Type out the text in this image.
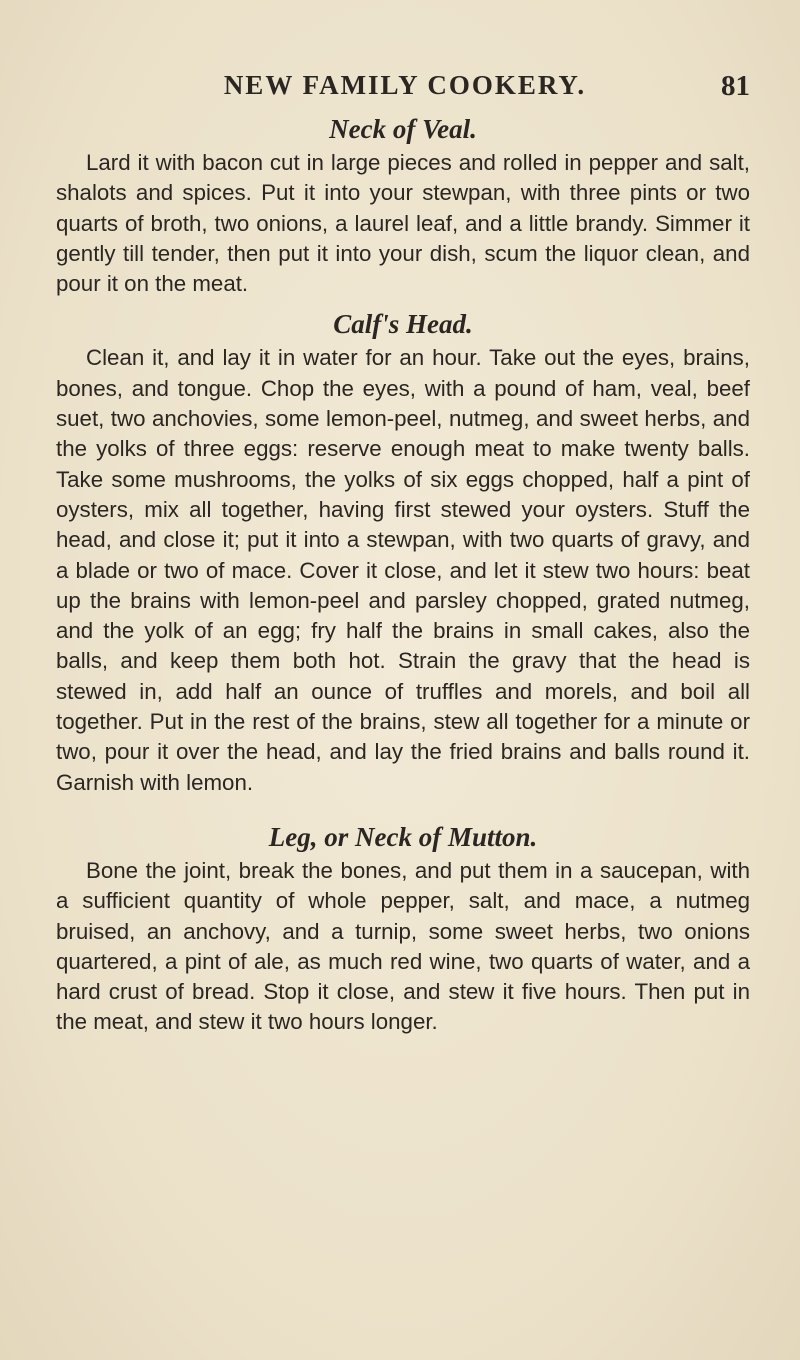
NEW FAMILY COOKERY.	81
Neck of Veal.

Lard it with bacon cut in large pieces and rolled in pepper and salt, shalots and spices. Put it into your stewpan, with three pints or two quarts of broth, two onions, a laurel leaf, and a little brandy. Simmer it gently till tender, then put it into your dish, scum the liquor clean, and pour it on the meat.

Calf's Head.

Clean it, and lay it in water for an hour. Take out the eyes, brains, bones, and tongue. Chop the eyes, with a pound of ham, veal, beef suet, two anchovies, some lemon-peel, nutmeg, and sweet herbs, and the yolks of three eggs: reserve enough meat to make twenty balls. Take some mushrooms, the yolks of six eggs chopped, half a pint of oysters, mix all together, having first stewed your oysters. Stuff the head, and close it; put it into a stewpan, with two quarts of gravy, and a blade or two of mace. Cover it close, and let it stew two hours: beat up the brains with lemon-peel and parsley chopped, grated nutmeg, and the yolk of an egg; fry half the brains in small cakes, also the balls, and keep them both hot. Strain the gravy that the head is stewed in, add half an ounce of truffles and morels, and boil all together. Put in the rest of the brains, stew all together for a minute or two, pour it over the head, and lay the fried brains and balls round it. Garnish with lemon.

Leg, or Neck of Mutton.

Bone the joint, break the bones, and put them in a saucepan, with a sufficient quantity of whole pepper, salt, and mace, a nutmeg bruised, an anchovy, and a turnip, some sweet herbs, two onions quartered, a pint of ale, as much red wine, two quarts of water, and a hard crust of bread. Stop it close, and stew it five hours. Then put in the meat, and stew it two hours longer.
